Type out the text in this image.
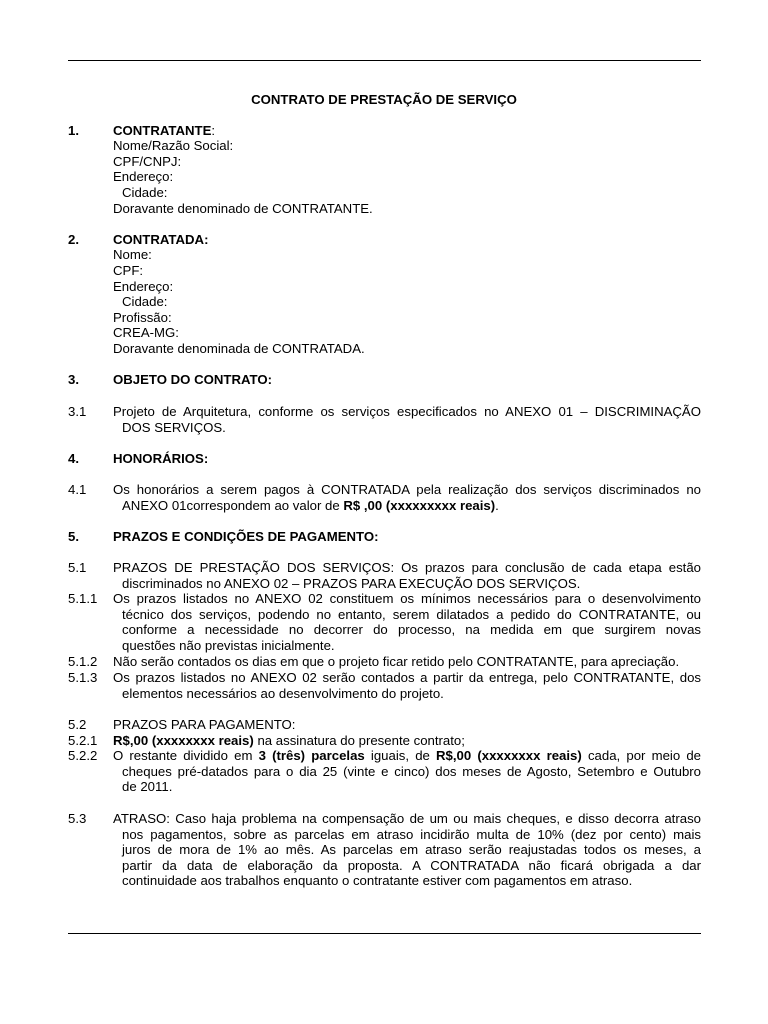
CONTRATO DE PRESTAÇÃO DE SERVIÇO
1.	CONTRATANTE:
Nome/Razão Social:
CPF/CNPJ:
Endereço:
Cidade:
Doravante denominado de CONTRATANTE.
2.	CONTRATADA:
Nome:
CPF:
Endereço:
Cidade:
Profissão:
CREA-MG:
Doravante denominada de CONTRATADA.
3.	OBJETO DO CONTRATO:
3.1 Projeto de Arquitetura, conforme os serviços especificados no ANEXO 01 – DISCRIMINAÇÃO
DOS SERVIÇOS.
4.	HONORÁRIOS:
4.1 Os honorários a serem pagos à CONTRATADA pela realização dos serviços discriminados no
ANEXO 01correspondem ao valor de R$ ,00 (xxxxxxxxx reais).
5.	PRAZOS E CONDIÇÕES DE PAGAMENTO:
5.1 PRAZOS DE PRESTAÇÃO DOS SERVIÇOS: Os prazos para conclusão de cada etapa estão
discriminados no ANEXO 02 – PRAZOS PARA EXECUÇÃO DOS SERVIÇOS.
5.1.1 Os prazos listados no ANEXO 02 constituem os mínimos necessários para o desenvolvimento
técnico dos serviços, podendo no entanto, serem dilatados a pedido do CONTRATANTE, ou
conforme a necessidade no decorrer do processo, na medida em que surgirem novas
questões não previstas inicialmente.
5.1.2 Não serão contados os dias em que o projeto ficar retido pelo CONTRATANTE, para apreciação.
5.1.3 Os prazos listados no ANEXO 02 serão contados a partir da entrega, pelo CONTRATANTE, dos
elementos necessários ao desenvolvimento do projeto.
5.2 PRAZOS PARA PAGAMENTO:
5.2.1 R$,00 (xxxxxxxx reais) na assinatura do presente contrato;
5.2.2 O restante dividido em 3 (três) parcelas iguais, de R$,00 (xxxxxxxx reais) cada, por meio de
cheques pré-datados para o dia 25 (vinte e cinco) dos meses de Agosto, Setembro e Outubro
de 2011.
5.3 ATRASO: Caso haja problema na compensação de um ou mais cheques, e disso decorra atraso
nos pagamentos, sobre as parcelas em atraso incidirão multa de 10% (dez por cento) mais
juros de mora de 1% ao mês. As parcelas em atraso serão reajustadas todos os meses, a
partir da data de elaboração da proposta. A CONTRATADA não ficará obrigada a dar
continuidade aos trabalhos enquanto o contratante estiver com pagamentos em atraso.
